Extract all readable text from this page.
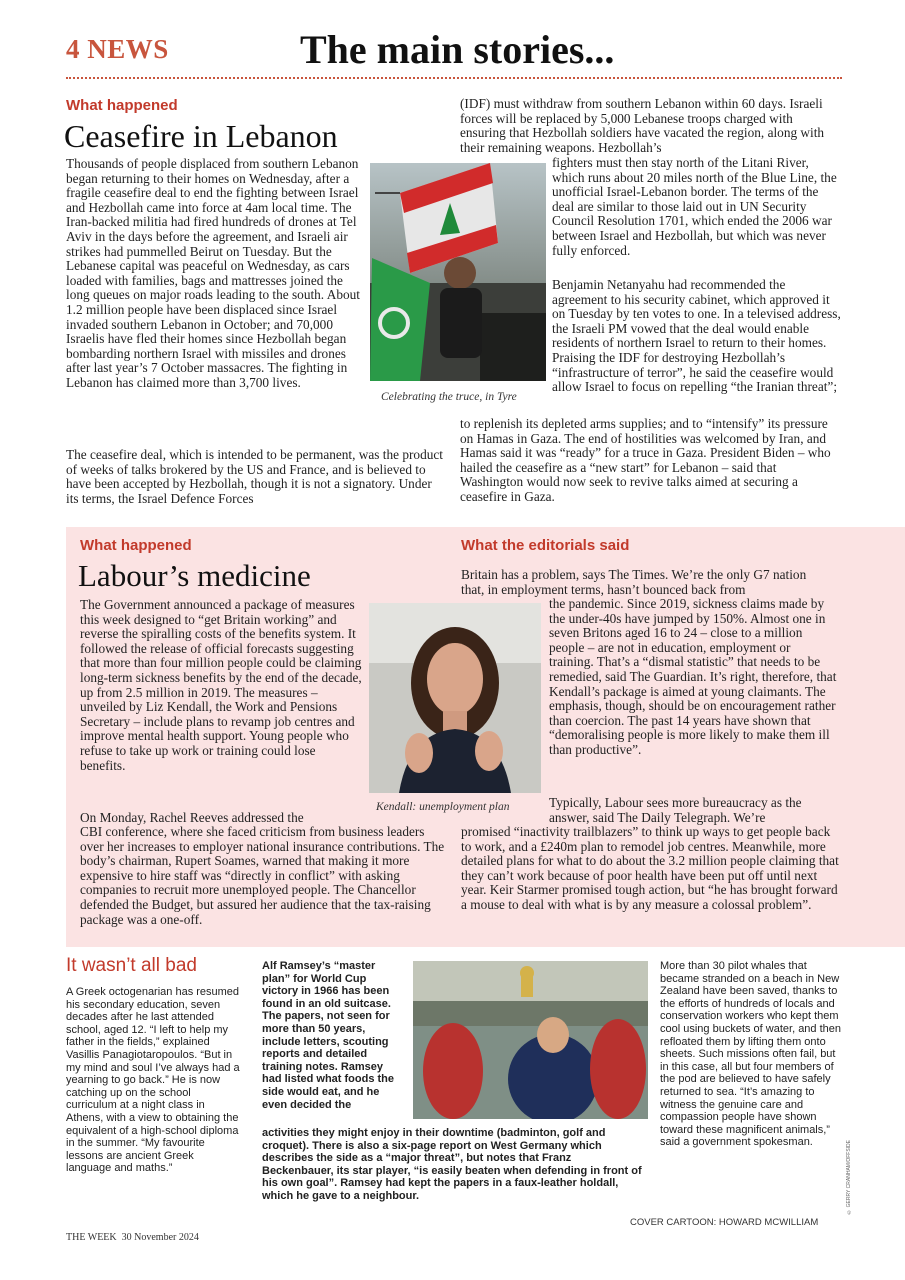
4 NEWS	The main stories...
What happened
Ceasefire in Lebanon
Thousands of people displaced from southern Lebanon began returning to their homes on Wednesday, after a fragile ceasefire deal to end the fighting between Israel and Hezbollah came into force at 4am local time. The Iran-backed militia had fired hundreds of drones at Tel Aviv in the days before the agreement, and Israeli air strikes had pummelled Beirut on Tuesday. But the Lebanese capital was peaceful on Wednesday, as cars loaded with families, bags and mattresses joined the long queues on major roads leading to the south. About 1.2 million people have been displaced since Israel invaded southern Lebanon in October; and 70,000 Israelis have fled their homes since Hezbollah began bombarding northern Israel with missiles and drones after last year’s 7 October massacres. The fighting in Lebanon has claimed more than 3,700 lives.
The ceasefire deal, which is intended to be permanent, was the product of weeks of talks brokered by the US and France, and is believed to have been accepted by Hezbollah, though it is not a signatory. Under its terms, the Israel Defence Forces
Celebrating the truce, in Tyre
(IDF) must withdraw from southern Lebanon within 60 days. Israeli forces will be replaced by 5,000 Lebanese troops charged with ensuring that Hezbollah soldiers have vacated the region, along with their remaining weapons. Hezbollah’s
fighters must then stay north of the Litani River, which runs about 20 miles north of the Blue Line, the unofficial Israel-Lebanon border. The terms of the deal are similar to those laid out in UN Security Council Resolution 1701, which ended the 2006 war between Israel and Hezbollah, but which was never fully enforced.
Benjamin Netanyahu had recommended the agreement to his security cabinet, which approved it on Tuesday by ten votes to one. In a televised address, the Israeli PM vowed that the deal would enable residents of northern Israel to return to their homes. Praising the IDF for destroying Hezbollah’s “infrastructure of terror”, he said the ceasefire would allow Israel to focus on repelling “the Iranian threat”;
to replenish its depleted arms supplies; and to “intensify” its pressure on Hamas in Gaza. The end of hostilities was welcomed by Iran, and Hamas said it was “ready” for a truce in Gaza. President Biden – who hailed the ceasefire as a “new start” for Lebanon – said that Washington would now seek to revive talks aimed at securing a ceasefire in Gaza.
What happened
Labour’s medicine
The Government announced a package of measures this week designed to “get Britain working” and reverse the spiralling costs of the benefits system. It followed the release of official forecasts suggesting that more than four million people could be claiming long-term sickness benefits by the end of the decade, up from 2.5 million in 2019. The measures – unveiled by Liz Kendall, the Work and Pensions Secretary – include plans to revamp job centres and improve mental health support. Young people who refuse to take up work or training could lose benefits.
On Monday, Rachel Reeves addressed the
CBI conference, where she faced criticism from business leaders over her increases to employer national insurance contributions. The body’s chairman, Rupert Soames, warned that making it more expensive to hire staff was “directly in conflict” with asking companies to recruit more unemployed people. The Chancellor defended the Budget, but assured her audience that the tax-raising package was a one-off.
Kendall: unemployment plan
What the editorials said
Britain has a problem, says The Times. We’re the only G7 nation that, in employment terms, hasn’t bounced back from
the pandemic. Since 2019, sickness claims made by the under-40s have jumped by 150%. Almost one in seven Britons aged 16 to 24 – close to a million people – are not in education, employment or training. That’s a “dismal statistic” that needs to be remedied, said The Guardian. It’s right, therefore, that Kendall’s package is aimed at young claimants. The emphasis, though, should be on encouragement rather than coercion. The past 14 years have shown that “demoralising people is more likely to make them ill than productive”.
Typically, Labour sees more bureaucracy as the answer, said The Daily Telegraph. We’re
promised “inactivity trailblazers” to think up ways to get people back to work, and a £240m plan to remodel job centres. Meanwhile, more detailed plans for what to do about the 3.2 million people claiming that they can’t work because of poor health have been put off until next year. Keir Starmer promised tough action, but “he has brought forward a mouse to deal with what is by any measure a colossal problem”.
It wasn’t all bad
A Greek octogenarian has resumed his secondary education, seven decades after he last attended school, aged 12. “I left to help my father in the fields,” explained Vasillis Panagiotaropoulos. “But in my mind and soul I’ve always had a yearning to go back.” He is now catching up on the school curriculum at a night class in Athens, with a view to obtaining the equivalent of a high-school diploma in the summer. “My favourite lessons are ancient Greek language and maths.”
Alf Ramsey’s “master plan” for World Cup victory in 1966 has been found in an old suitcase. The papers, not seen for more than 50 years, include letters, scouting reports and detailed training notes. Ramsey had listed what foods the side would eat, and he even decided the
activities they might enjoy in their downtime (badminton, golf and croquet). There is also a six-page report on West Germany which describes the side as a “major threat”, but notes that Franz Beckenbauer, its star player, “is easily beaten when defending in front of his own goal”. Ramsey had kept the papers in a faux-leather holdall, which he gave to a neighbour.
More than 30 pilot whales that became stranded on a beach in New Zealand have been saved, thanks to the efforts of hundreds of locals and conservation workers who kept them cool using buckets of water, and then refloated them by lifting them onto sheets. Such missions often fail, but in this case, all but four members of the pod are believed to have safely returned to sea. “It’s amazing to witness the genuine care and compassion people have shown toward these magnificent animals,” said a government spokesman.	© GERRY CRANHAM/OFFSIDE
COVER CARTOON: HOWARD MCWILLIAM
THE WEEK  30 November 2024
